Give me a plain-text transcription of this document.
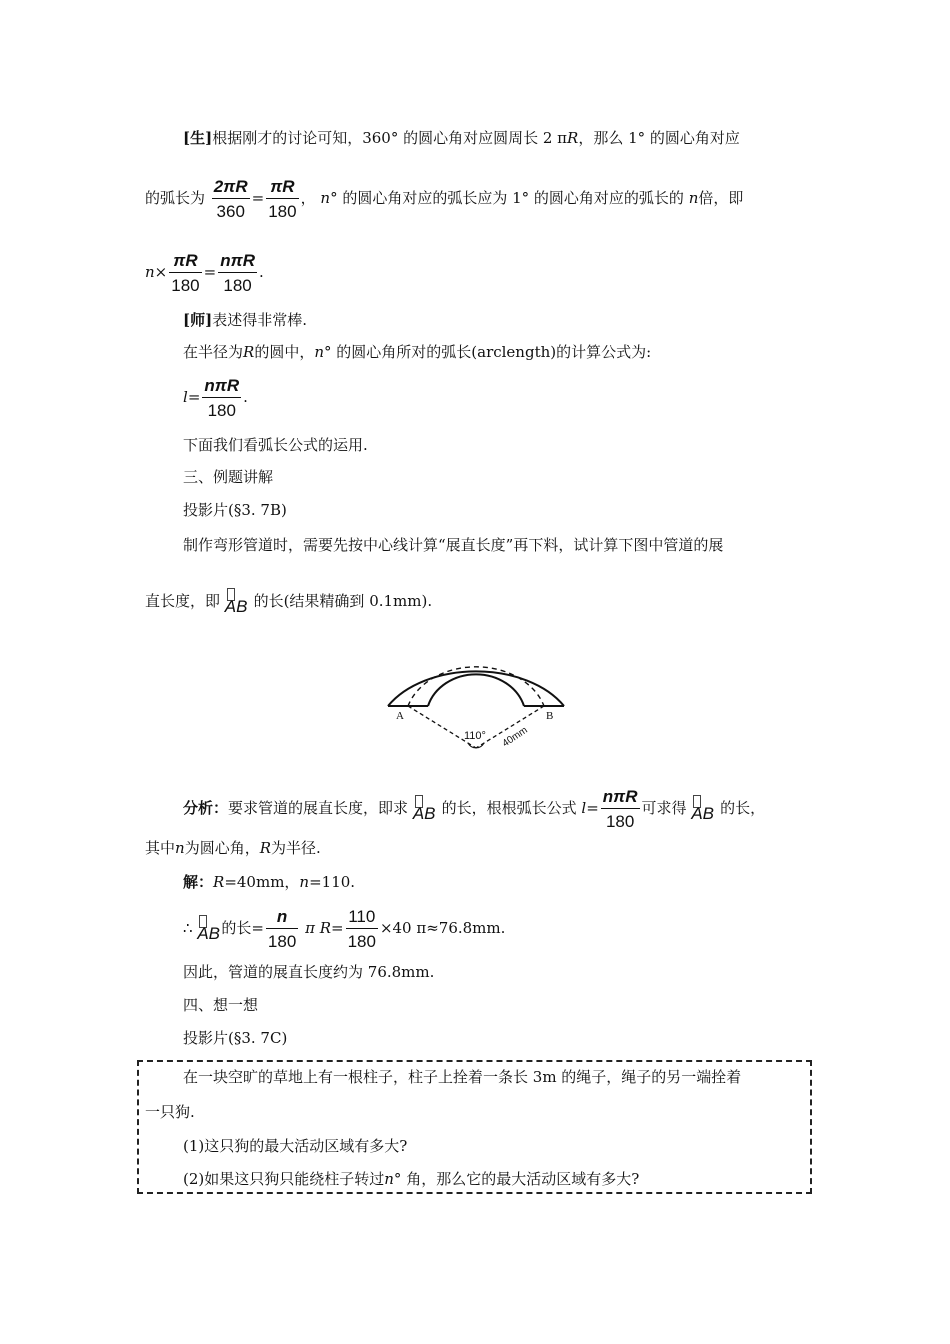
[生]根据刚才的讨论可知，360° 的圆心角对应圆周长 2 πR，那么 1° 的圆心角对应
的弧长为 $\frac{2\pi R}{360} = \frac{\pi R}{180}$ ， n° 的圆心角对应的弧长应为 1° 的圆心角对应的弧长的 n倍，即
$n\times \frac{\pi R}{180} = \frac{\text{nπR}}{180}$ .
[师]表述得非常棒.
在半径为R的圆中，n° 的圆心角所对的弧长(arclength)的计算公式为:
$l= \frac{\text{nπR}}{180}$ .
下面我们看弧长公式的运用.
三、例题讲解
投影片(§3. 7B)
制作弯形管道时，需要先按中心线计算“展直长度”再下料，试计算下图中管道的展
直长度，即 AB 的长(结果精确到 0.1mm).
A	B
110° 40mm
分析：要求管道的展直长度，即求 AB 的长，根根弧长公式 $l= \frac{\text{nπR}}{180}$ 可求得 AB 的长，
其中n为圆心角，R为半径.
解：R=40mm，n=110.
∴ AB 的长= $\frac{n}{180}$ π $R= \frac{110}{180} \times 40$ π≈76.8mm.
因此，管道的展直长度约为 76.8mm.
四、想一想
投影片(§3. 7C)
在一块空旷的草地上有一根柱子，柱子上拴着一条长 3m 的绳子，绳子的另一端拴着
一只狗.
(1)这只狗的最大活动区域有多大?
(2)如果这只狗只能绕柱子转过n° 角，那么它的最大活动区域有多大?
